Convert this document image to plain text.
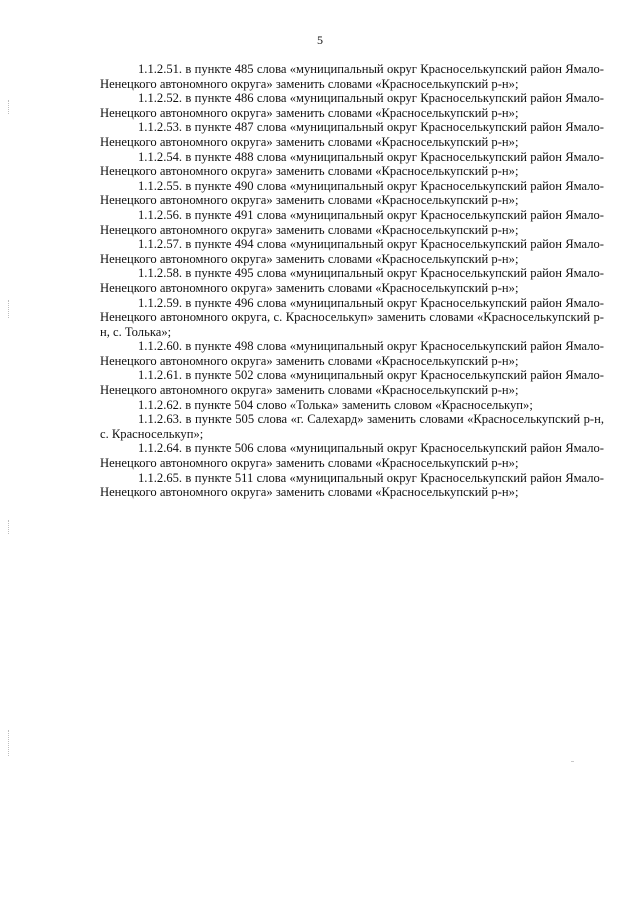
5

1.1.2.51. в пункте 485 слова «муниципальный округ Красноселькупский район Ямало-Ненецкого автономного округа» заменить словами «Красноселькупский р-н»;

1.1.2.52. в пункте 486 слова «муниципальный округ Красноселькупский район Ямало-Ненецкого автономного округа» заменить словами «Красноселькупский р-н»;

1.1.2.53. в пункте 487 слова «муниципальный округ Красноселькупский район Ямало-Ненецкого автономного округа» заменить словами «Красноселькупский р-н»;

1.1.2.54. в пункте 488 слова «муниципальный округ Красноселькупский район Ямало-Ненецкого автономного округа» заменить словами «Красноселькупский р-н»;

1.1.2.55. в пункте 490 слова «муниципальный округ Красноселькупский район Ямало-Ненецкого автономного округа» заменить словами «Красноселькупский р-н»;

1.1.2.56. в пункте 491 слова «муниципальный округ Красноселькупский район Ямало-Ненецкого автономного округа» заменить словами «Красноселькупский р-н»;

1.1.2.57. в пункте 494 слова «муниципальный округ Красноселькупский район Ямало-Ненецкого автономного округа» заменить словами «Красноселькупский р-н»;

1.1.2.58. в пункте 495 слова «муниципальный округ Красноселькупский район Ямало-Ненецкого автономного округа» заменить словами «Красноселькупский р-н»;

1.1.2.59. в пункте 496 слова «муниципальный округ Красноселькупский район Ямало-Ненецкого автономного округа, с. Красноселькуп» заменить словами «Красноселькупский р-н, с. Толька»;

1.1.2.60. в пункте 498 слова «муниципальный округ Красноселькупский район Ямало-Ненецкого автономного округа» заменить словами «Красноселькупский р-н»;

1.1.2.61. в пункте 502 слова «муниципальный округ Красноселькупский район Ямало-Ненецкого автономного округа» заменить словами «Красноселькупский р-н»;

1.1.2.62. в пункте 504 слово «Толька» заменить словом «Красноселькуп»;

1.1.2.63. в пункте 505 слова «г. Салехард» заменить словами «Красноселькупский р-н, с. Красноселькуп»;

1.1.2.64. в пункте 506 слова «муниципальный округ Красноселькупский район Ямало-Ненецкого автономного округа» заменить словами «Красноселькупский р-н»;

1.1.2.65. в пункте 511 слова «муниципальный округ Красноселькупский район Ямало-Ненецкого автономного округа» заменить словами «Красноселькупский р-н»;
